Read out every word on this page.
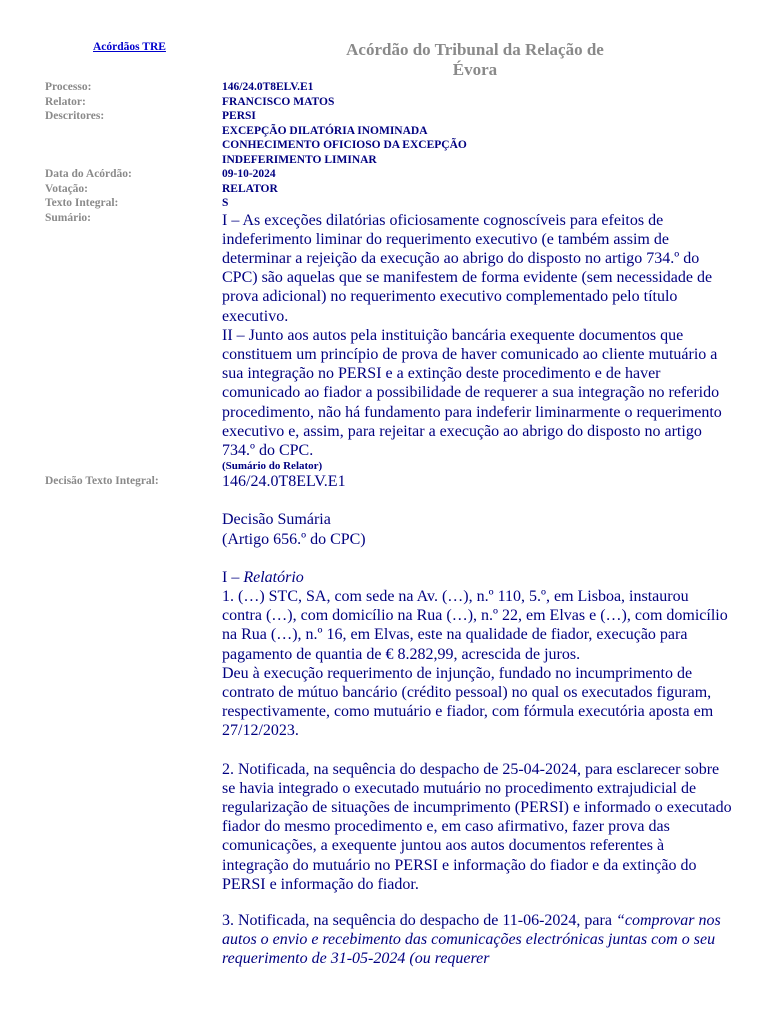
Acórdãos TRE	Acórdão do Tribunal da Relação de
Évora
Processo:	146/24.0T8ELV.E1
Relator:	FRANCISCO MATOS
Descritores:	PERSI
EXCEPÇÃO DILATÓRIA INOMINADA
CONHECIMENTO OFICIOSO DA EXCEPÇÃO
INDEFERIMENTO LIMINAR
Data do Acórdão:	09-10-2024
Votação:	RELATOR
Texto Integral:	S
Sumário:	I – As exceções dilatórias oficiosamente cognoscíveis para efeitos de indeferimento liminar do requerimento executivo (e também assim de determinar a rejeição da execução ao abrigo do disposto no artigo 734.º do CPC) são aquelas que se manifestem de forma evidente (sem necessidade de prova adicional) no requerimento executivo complementado pelo título executivo.

II – Junto aos autos pela instituição bancária exequente documentos que constituem um princípio de prova de haver comunicado ao cliente mutuário a sua integração no PERSI e a extinção deste procedimento e de haver comunicado ao fiador a possibilidade de requerer a sua integração no referido procedimento, não há fundamento para indeferir liminarmente o requerimento executivo e, assim, para rejeitar a execução ao abrigo do disposto no artigo 734.º do CPC.

(Sumário do Relator)
Decisão Texto Integral:	146/24.0T8ELV.E1

Decisão Sumária

(Artigo 656.º do CPC)

I – Relatório

1. (…) STC, SA, com sede na Av. (…), n.º 110, 5.º, em Lisboa, instaurou contra (…), com domicílio na Rua (…), n.º 22, em Elvas e (…), com domicílio na Rua (…), n.º 16, em Elvas, este na qualidade de fiador, execução para pagamento de quantia de € 8.282,99, acrescida de juros.

Deu à execução requerimento de injunção, fundado no incumprimento de contrato de mútuo bancário (crédito pessoal) no qual os executados figuram, respectivamente, como mutuário e fiador, com fórmula executória aposta em 27/12/2023.

2. Notificada, na sequência do despacho de 25-04-2024, para esclarecer sobre se havia integrado o executado mutuário no procedimento extrajudicial de regularização de situações de incumprimento (PERSI) e informado o executado fiador do mesmo procedimento e, em caso afirmativo, fazer prova das comunicações, a exequente juntou aos autos documentos referentes à integração do mutuário no PERSI e informação do fiador e da extinção do PERSI e informação do fiador.

3. Notificada, na sequência do despacho de 11-06-2024, para “comprovar nos autos o envio e recebimento das comunicações electrónicas juntas com o seu requerimento de 31-05-2024 (ou requerer
